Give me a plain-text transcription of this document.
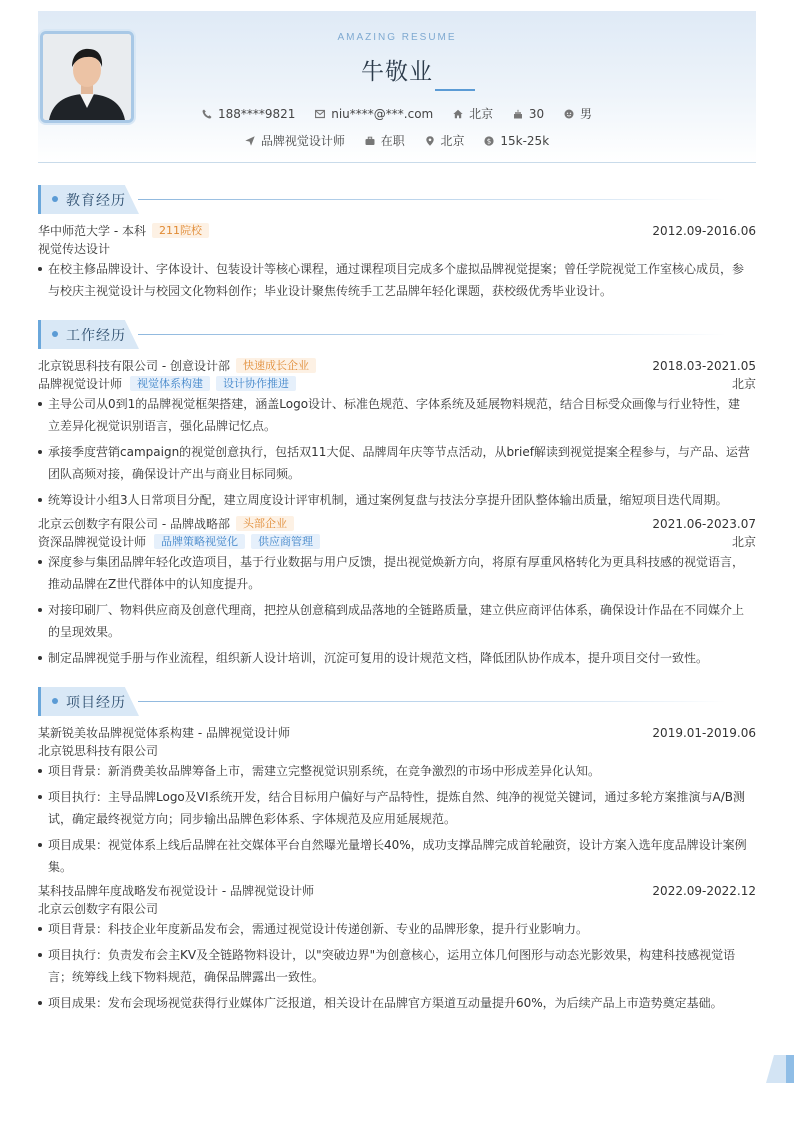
AMAZING RESUME
牛敬业
188****9821	niu****@***.com	北京	30	男
品牌视觉设计师	在职	北京	$ 15k-25k
教育经历
华中师范大学 - 本科 211院校	2012.09-2016.06
视觉传达设计
在校主修品牌设计、字体设计、包装设计等核心课程，通过课程项目完成多个虚拟品牌视觉提案；曾任学院视觉工作室核心成员，参与校庆主视觉设计与校园文化物料创作；毕业设计聚焦传统手工艺品牌年轻化课题，获校级优秀毕业设计。
工作经历
北京锐思科技有限公司 - 创意设计部 快速成长企业	2018.03-2021.05
品牌视觉设计师 视觉体系构建 设计协作推进	北京
主导公司从0到1的品牌视觉框架搭建，涵盖Logo设计、标准色规范、字体系统及延展物料规范，结合目标受众画像与行业特性，建立差异化视觉识别语言，强化品牌记忆点。
承接季度营销campaign的视觉创意执行，包括双11大促、品牌周年庆等节点活动，从brief解读到视觉提案全程参与，与产品、运营团队高频对接，确保设计产出与商业目标同频。
统筹设计小组3人日常项目分配，建立周度设计评审机制，通过案例复盘与技法分享提升团队整体输出质量，缩短项目迭代周期。
北京云创数字有限公司 - 品牌战略部 头部企业	2021.06-2023.07
资深品牌视觉设计师 品牌策略视觉化 供应商管理	北京
深度参与集团品牌年轻化改造项目，基于行业数据与用户反馈，提出视觉焕新方向，将原有厚重风格转化为更具科技感的视觉语言，推动品牌在Z世代群体中的认知度提升。
对接印刷厂、物料供应商及创意代理商，把控从创意稿到成品落地的全链路质量，建立供应商评估体系，确保设计作品在不同媒介上的呈现效果。
制定品牌视觉手册与作业流程，组织新人设计培训，沉淀可复用的设计规范文档，降低团队协作成本，提升项目交付一致性。
项目经历
某新锐美妆品牌视觉体系构建 - 品牌视觉设计师	2019.01-2019.06
北京锐思科技有限公司
项目背景：新消费美妆品牌筹备上市，需建立完整视觉识别系统，在竞争激烈的市场中形成差异化认知。
项目执行：主导品牌Logo及VI系统开发，结合目标用户偏好与产品特性，提炼自然、纯净的视觉关键词，通过多轮方案推演与A/B测试，确定最终视觉方向；同步输出品牌色彩体系、字体规范及应用延展规范。
项目成果：视觉体系上线后品牌在社交媒体平台自然曝光量增长40%，成功支撑品牌完成首轮融资，设计方案入选年度品牌设计案例集。
某科技品牌年度战略发布视觉设计 - 品牌视觉设计师	2022.09-2022.12
北京云创数字有限公司
项目背景：科技企业年度新品发布会，需通过视觉设计传递创新、专业的品牌形象，提升行业影响力。
项目执行：负责发布会主KV及全链路物料设计，以"突破边界"为创意核心，运用立体几何图形与动态光影效果，构建科技感视觉语言；统筹线上线下物料规范，确保品牌露出一致性。
项目成果：发布会现场视觉获得行业媒体广泛报道，相关设计在品牌官方渠道互动量提升60%，为后续产品上市造势奠定基础。
